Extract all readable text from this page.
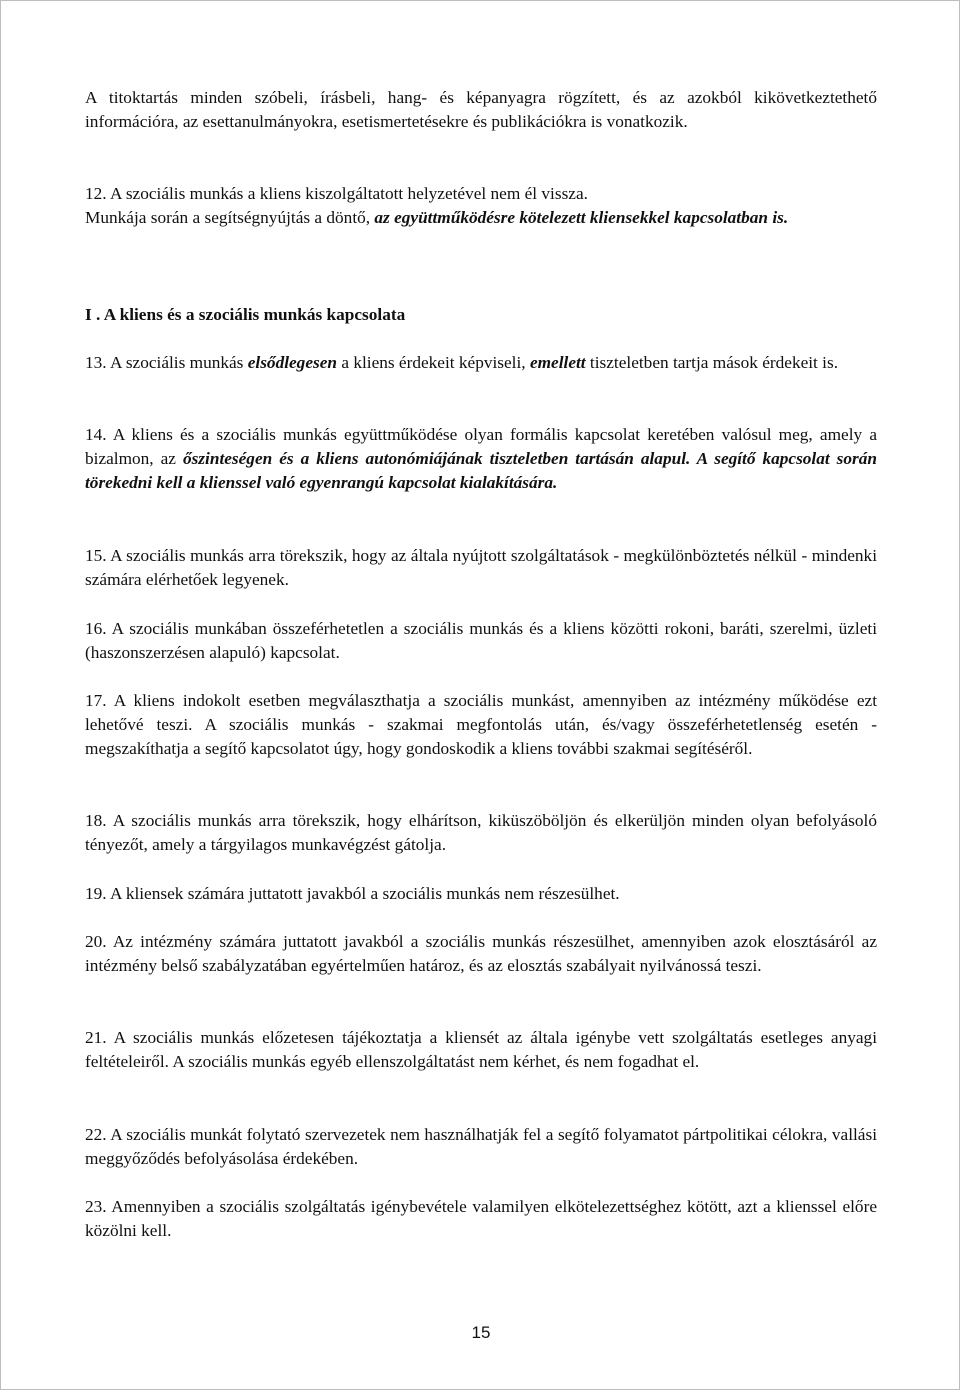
A titoktartás minden szóbeli, írásbeli, hang- és képanyagra rögzített, és az azokból kikövetkeztethető információra, az esettanulmányokra, esetismertetésekre és publikációkra is vonatkozik.

12. A szociális munkás a kliens kiszolgáltatott helyzetével nem él vissza.

Munkája során a segítségnyújtás a döntő, az együttműködésre kötelezett kliensekkel kapcsolatban is.

I . A kliens és a szociális munkás kapcsolata

13. A szociális munkás elsődlegesen a kliens érdekeit képviseli, emellett tiszteletben tartja mások érdekeit is.

14. A kliens és a szociális munkás együttműködése olyan formális kapcsolat keretében valósul meg, amely a bizalmon, az őszinteségen és a kliens autonómiájának tiszteletben tartásán alapul. A segítő kapcsolat során törekedni kell a klienssel való egyenrangú kapcsolat kialakítására.

15. A szociális munkás arra törekszik, hogy az általa nyújtott szolgáltatások - megkülönböztetés nélkül - mindenki számára elérhetőek legyenek.

16. A szociális munkában összeférhetetlen a szociális munkás és a kliens közötti rokoni, baráti, szerelmi, üzleti (haszonszerzésen alapuló) kapcsolat.

17. A kliens indokolt esetben megválaszthatja a szociális munkást, amennyiben az intézmény működése ezt lehetővé teszi. A szociális munkás - szakmai megfontolás után, és/vagy összeférhetetlenség esetén - megszakíthatja a segítő kapcsolatot úgy, hogy gondoskodik a kliens további szakmai segítéséről.

18. A szociális munkás arra törekszik, hogy elhárítson, kiküszöböljön és elkerüljön minden olyan befolyásoló tényezőt, amely a tárgyilagos munkavégzést gátolja.

19. A kliensek számára juttatott javakból a szociális munkás nem részesülhet.

20. Az intézmény számára juttatott javakból a szociális munkás részesülhet, amennyiben azok elosztásáról az intézmény belső szabályzatában egyértelműen határoz, és az elosztás szabályait nyilvánossá teszi.

21. A szociális munkás előzetesen tájékoztatja a kliensét az általa igénybe vett szolgáltatás esetleges anyagi feltételeiről. A szociális munkás egyéb ellenszolgáltatást nem kérhet, és nem fogadhat el.

22. A szociális munkát folytató szervezetek nem használhatják fel a segítő folyamatot pártpolitikai célokra, vallási meggyőződés befolyásolása érdekében.

23. Amennyiben a szociális szolgáltatás igénybevétele valamilyen elkötelezettséghez kötött, azt a klienssel előre közölni kell.

15
